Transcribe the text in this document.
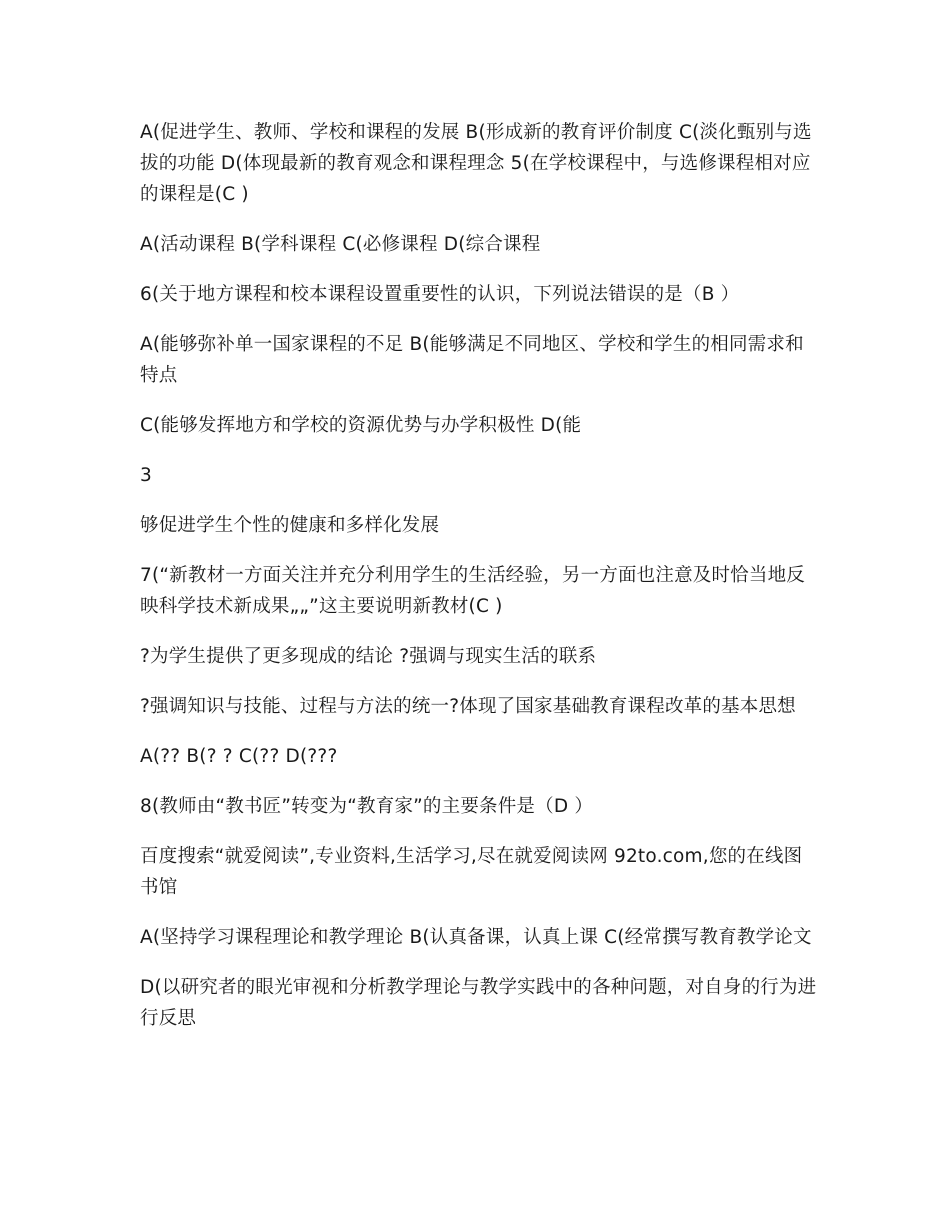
A(促进学生、教师、学校和课程的发展 B(形成新的教育评价制度 C(淡化甄别与选拔的功能 D(体现最新的教育观念和课程理念 5(在学校课程中，与选修课程相对应的课程是(C )

A(活动课程 B(学科课程 C(必修课程 D(综合课程

6(关于地方课程和校本课程设置重要性的认识，下列说法错误的是（B ）

A(能够弥补单一国家课程的不足 B(能够满足不同地区、学校和学生的相同需求和特点

C(能够发挥地方和学校的资源优势与办学积极性 D(能

3

够促进学生个性的健康和多样化发展

7(“新教材一方面关注并充分利用学生的生活经验，另一方面也注意及时恰当地反映科学技术新成果„„”这主要说明新教材(C )

?为学生提供了更多现成的结论 ?强调与现实生活的联系

?强调知识与技能、过程与方法的统一?体现了国家基础教育课程改革的基本思想

A(?? B(? ? C(?? D(???

8(教师由“教书匠”转变为“教育家”的主要条件是（D ）

百度搜索“就爱阅读”,专业资料,生活学习,尽在就爱阅读网 92to.com,您的在线图书馆

A(坚持学习课程理论和教学理论 B(认真备课，认真上课 C(经常撰写教育教学论文

D(以研究者的眼光审视和分析教学理论与教学实践中的各种问题，对自身的行为进行反思
